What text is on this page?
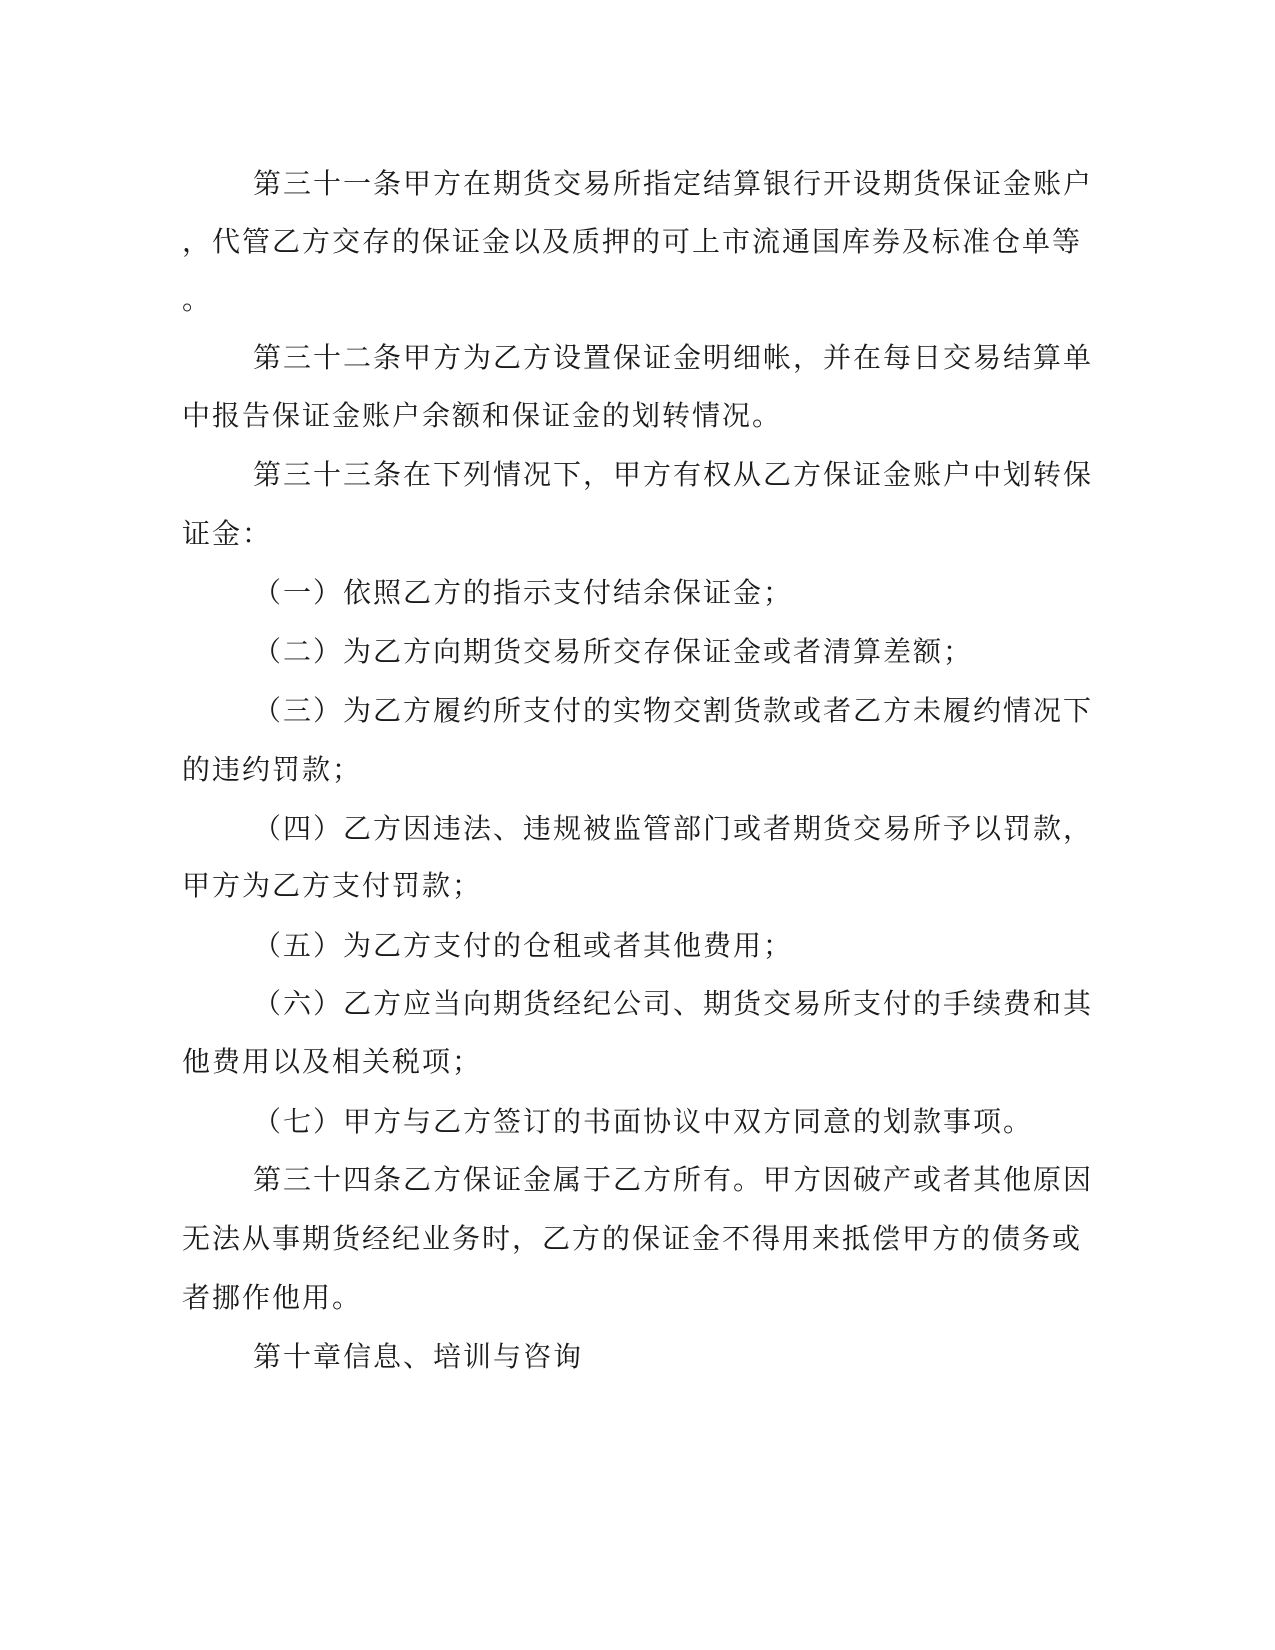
第三十一条甲方在期货交易所指定结算银行开设期货保证金账户
，代管乙方交存的保证金以及质押的可上市流通国库券及标准仓单等
。
第三十二条甲方为乙方设置保证金明细帐，并在每日交易结算单
中报告保证金账户余额和保证金的划转情况。
第三十三条在下列情况下，甲方有权从乙方保证金账户中划转保
证金：
（一）依照乙方的指示支付结余保证金；
（二）为乙方向期货交易所交存保证金或者清算差额；
（三）为乙方履约所支付的实物交割货款或者乙方未履约情况下
的违约罚款；
（四）乙方因违法、违规被监管部门或者期货交易所予以罚款，
甲方为乙方支付罚款；
（五）为乙方支付的仓租或者其他费用；
（六）乙方应当向期货经纪公司、期货交易所支付的手续费和其
他费用以及相关税项；
（七）甲方与乙方签订的书面协议中双方同意的划款事项。
第三十四条乙方保证金属于乙方所有。甲方因破产或者其他原因
无法从事期货经纪业务时，乙方的保证金不得用来抵偿甲方的债务或
者挪作他用。
第十章信息、培训与咨询
